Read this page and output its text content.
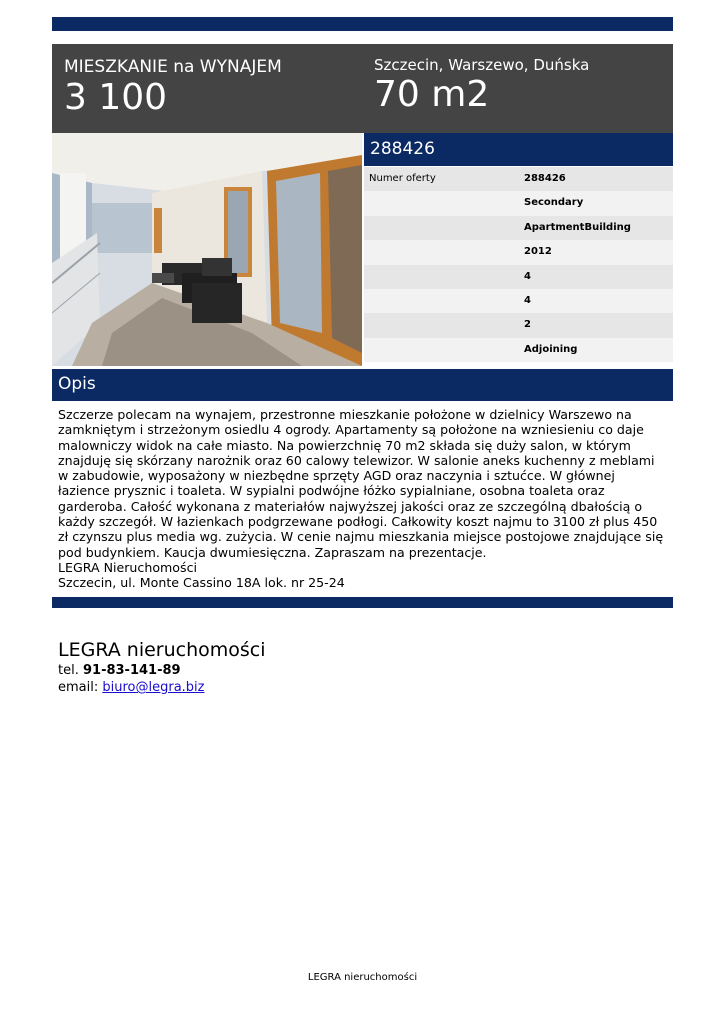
MIESZKANIE na WYNAJEM
3 100
Szczecin, Warszewo, Duńska
70 m2
288426
Numer oferty	288426
Secondary
ApartmentBuilding
2012
4
4
2
Adjoining
Opis

Szczerze polecam na wynajem, przestronne mieszkanie położone w dzielnicy Warszewo na zamkniętym i strzeżonym osiedlu 4 ogrody. Apartamenty są położone na wzniesieniu co daje malowniczy widok na całe miasto. Na powierzchnię 70 m2 składa się duży salon, w którym znajduję się skórzany narożnik oraz 60 calowy telewizor. W salonie aneks kuchenny z meblami w zabudowie, wyposażony w niezbędne sprzęty AGD oraz naczynia i sztućce. W głównej łazience prysznic i toaleta. W sypialni podwójne łóżko sypialniane, osobna toaleta oraz garderoba. Całość wykonana z materiałów najwyższej jakości oraz ze szczególną dbałością o każdy szczegół. W łazienkach podgrzewane podłogi. Całkowity koszt najmu to 3100 zł plus 450 zł czynszu plus media wg. zużycia. W cenie najmu mieszkania miejsce postojowe znajdujące się pod budynkiem. Kaucja dwumiesięczna. Zapraszam na prezentacje.

LEGRA Nieruchomości

Szczecin, ul. Monte Cassino 18A lok. nr 25-24

LEGRA nieruchomości
tel. 91-83-141-89
email: biuro@legra.biz
LEGRA nieruchomości
